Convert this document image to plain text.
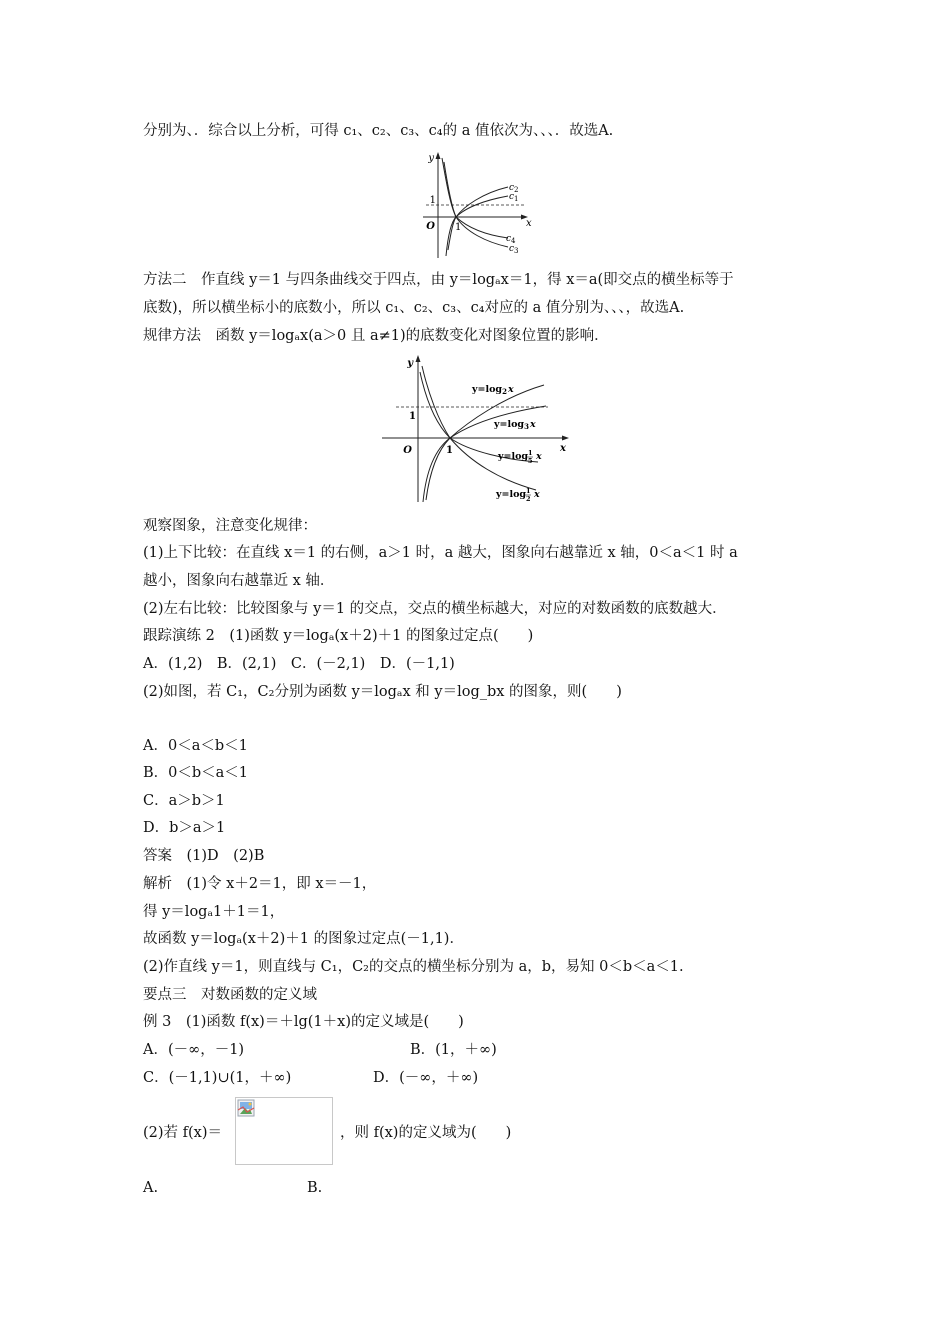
分别为、．综合以上分析，可得 c₁、c₂、c₃、c₄的 a 值依次为、、、．故选A.
y
x
O
1
1
$c_2$
$c_1$
$c_4$
$c_3$
方法二　作直线 y＝1 与四条曲线交于四点，由 y＝logₐx＝1，得 x＝a(即交点的横坐标等于
底数)，所以横坐标小的底数小，所以 c₁、c₂、c₃、c₄对应的 a 值分别为、、、，故选A.
规律方法　函数 y＝logₐx(a＞0 且 a≠1)的底数变化对图象位置的影响．
y
x
O
1
1
$y=\log_2x$
$y=\log_3x$
y=log 1
5 x
y=log 1
2 x
观察图象，注意变化规律：
(1)上下比较：在直线 x＝1 的右侧，a＞1 时，a 越大，图象向右越靠近 x 轴，0＜a＜1 时 a
越小，图象向右越靠近 x 轴．
(2)左右比较：比较图象与 y＝1 的交点，交点的横坐标越大，对应的对数函数的底数越大．
跟踪演练 2　(1)函数 y＝logₐ(x＋2)＋1 的图象过定点(　　)
A．(1,2)　B．(2,1)　C．(－2,1)　D．(－1,1)
(2)如图，若 C₁，C₂分别为函数 y＝logₐx 和 y＝log_bx 的图象，则(　　)
A．0＜a＜b＜1
B．0＜b＜a＜1
C．a＞b＞1
D．b＞a＞1
答案　(1)D　(2)B
解析　(1)令 x＋2＝1，即 x＝－1，
得 y＝logₐ1＋1＝1，
故函数 y＝logₐ(x＋2)＋1 的图象过定点(－1,1)．
(2)作直线 y＝1，则直线与 C₁，C₂的交点的横坐标分别为 a，b，易知 0＜b＜a＜1.
要点三　对数函数的定义域
例 3　(1)函数 f(x)＝＋lg(1＋x)的定义域是(　　)
A．(－∞，－1)	B．(1，＋∞)
C．(－1,1)∪(1，＋∞)	D．(－∞，＋∞)
(2)若 f(x)＝	，则 f(x)的定义域为(　　)
A.	B.
